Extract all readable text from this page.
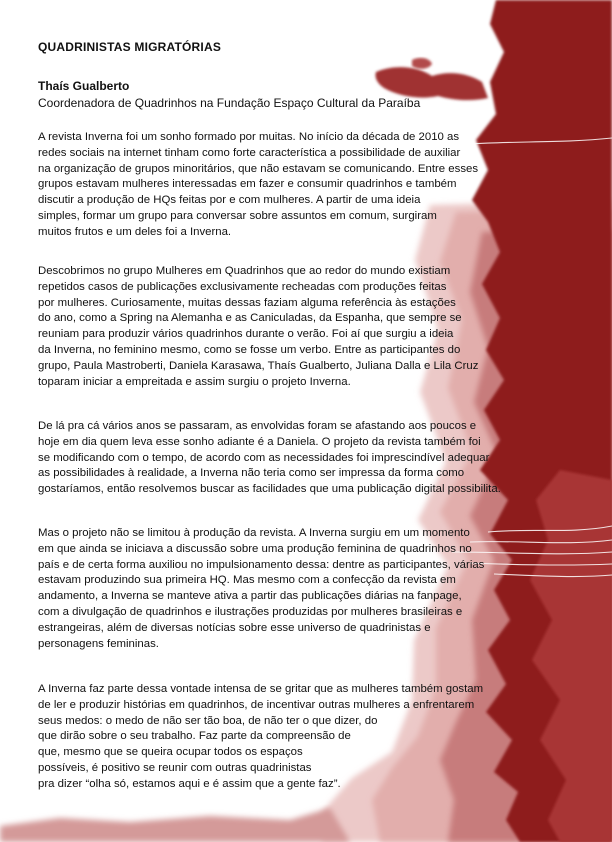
QUADRINISTAS MIGRATÓRIAS

Thaís Gualberto

Coordenadora de Quadrinhos na Fundação Espaço Cultural da Paraíba

A revista Inverna foi um sonho formado por muitas. No início da década de 2010 as
redes sociais na internet tinham como forte característica a possibilidade de auxiliar
na organização de grupos minoritários, que não estavam se comunicando. Entre esses
grupos estavam mulheres interessadas em fazer e consumir quadrinhos e também
discutir a produção de HQs feitas por e com mulheres. A partir de uma ideia
simples, formar um grupo para conversar sobre assuntos em comum, surgiram
muitos frutos e um deles foi a Inverna.
Descobrimos no grupo Mulheres em Quadrinhos que ao redor do mundo existiam
repetidos casos de publicações exclusivamente recheadas com produções feitas
por mulheres. Curiosamente, muitas dessas faziam alguma referência às estações
do ano, como a Spring na Alemanha e as Caniculadas, da Espanha, que sempre se
reuniam para produzir vários quadrinhos durante o verão. Foi aí que surgiu a ideia
da Inverna, no feminino mesmo, como se fosse um verbo. Entre as participantes do
grupo, Paula Mastroberti, Daniela Karasawa, Thaís Gualberto, Juliana Dalla e Lila Cruz
toparam iniciar a empreitada e assim surgiu o projeto Inverna.
De lá pra cá vários anos se passaram, as envolvidas foram se afastando aos poucos e
hoje em dia quem leva esse sonho adiante é a Daniela. O projeto da revista também foi
se modificando com o tempo, de acordo com as necessidades foi imprescindível adequar
as possibilidades à realidade, a Inverna não teria como ser impressa da forma como
gostaríamos, então resolvemos buscar as facilidades que uma publicação digital possibilita.
Mas o projeto não se limitou à produção da revista. A Inverna surgiu em um momento
em que ainda se iniciava a discussão sobre uma produção feminina de quadrinhos no
país e de certa forma auxiliou no impulsionamento dessa: dentre as participantes, várias
estavam produzindo sua primeira HQ. Mas mesmo com a confecção da revista em
andamento, a Inverna se manteve ativa a partir das publicações diárias na fanpage,
com a divulgação de quadrinhos e ilustrações produzidas por mulheres brasileiras e
estrangeiras, além de diversas notícias sobre esse universo de quadrinistas e
personagens femininas.
A Inverna faz parte dessa vontade intensa de se gritar que as mulheres também gostam
de ler e produzir histórias em quadrinhos, de incentivar outras mulheres a enfrentarem
seus medos: o medo de não ser tão boa, de não ter o que dizer, do
que dirão sobre o seu trabalho. Faz parte da compreensão de
que, mesmo que se queira ocupar todos os espaços
possíveis, é positivo se reunir com outras quadrinistas
pra dizer “olha só, estamos aqui e é assim que a gente faz”.
